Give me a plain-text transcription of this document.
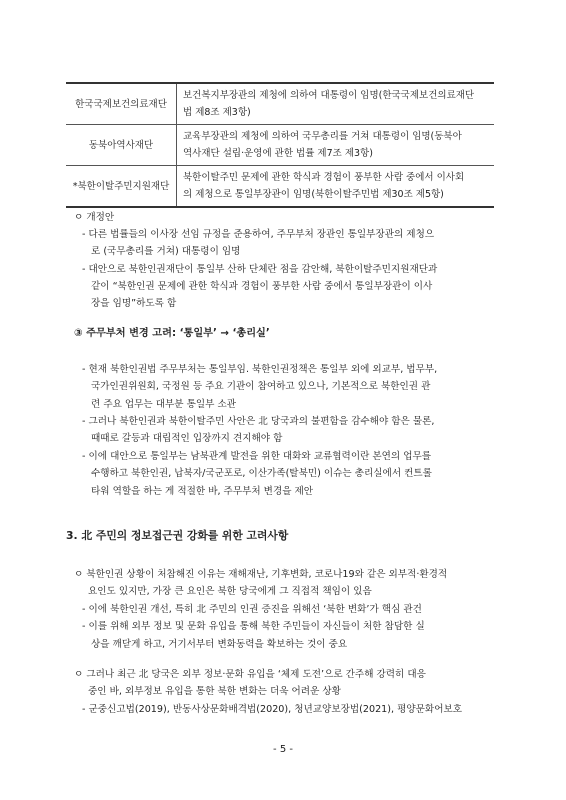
한국국제보건의료재단	보건복지부장관의 제청에 의하여 대통령이 임명(한국국제보건의료재단
법 제8조 제3항)
동북아역사재단	교육부장관의 제청에 의하여 국무총리를 거쳐 대통령이 임명(동북아
역사재단 설립·운영에 관한 법률 제7조 제3항)
*북한이탈주민지원재단	북한이탈주민 문제에 관한 학식과 경험이 풍부한 사람 중에서 이사회
의 제청으로 통일부장관이 임명(북한이탈주민법 제30조 제5항)
ㅇ 개정안
- 다른 법률들의 이사장 선임 규정을 준용하여, 주무부처 장관인 통일부장관의 제청으
로 (국무총리를 거쳐) 대통령이 임명
- 대안으로 북한인권재단이 통일부 산하 단체란 점을 감안해, 북한이탈주민지원재단과
같이 “북한인권 문제에 관한 학식과 경험이 풍부한 사람 중에서 통일부장관이 이사
장을 임명”하도록 함
③ 주무부처 변경 고려: ‘통일부’ → ‘총리실’
- 현재 북한인권법 주무부처는 통일부임. 북한인권정책은 통일부 외에 외교부, 법무부,
국가인권위원회, 국정원 등 주요 기관이 참여하고 있으나, 기본적으로 북한인권 관
련 주요 업무는 대부분 통일부 소관
- 그러나 북한인권과 북한이탈주민 사안은 北 당국과의 불편함을 감수해야 함은 물론,
때때로 갈등과 대립적인 입장까지 견지해야 함
- 이에 대안으로 통일부는 남북관계 발전을 위한 대화와 교류협력이란 본연의 업무를
수행하고 북한인권, 납북자/국군포로, 이산가족(탈북민) 이슈는 총리실에서 컨트롤
타워 역할을 하는 게 적절한 바, 주무부처 변경을 제안
3. 北 주민의 정보접근권 강화를 위한 고려사항
ㅇ 북한인권 상황이 처참해진 이유는 재해재난, 기후변화, 코로나19와 같은 외부적·환경적
요인도 있지만, 가장 큰 요인은 북한 당국에게 그 직접적 책임이 있음
- 이에 북한인권 개선, 특히 北 주민의 인권 증진을 위해선 ‘북한 변화’가 핵심 관건
- 이를 위해 외부 정보 및 문화 유입을 통해 북한 주민들이 자신들이 처한 참담한 실
상을 깨닫게 하고, 거기서부터 변화동력을 확보하는 것이 중요
ㅇ 그러나 최근 北 당국은 외부 정보·문화 유입을 ‘체제 도전’으로 간주해 강력히 대응
중인 바, 외부정보 유입을 통한 북한 변화는 더욱 어려운 상황
- 군중신고법(2019), 반동사상문화배격법(2020), 청년교양보장법(2021), 평양문화어보호
- 5 -
